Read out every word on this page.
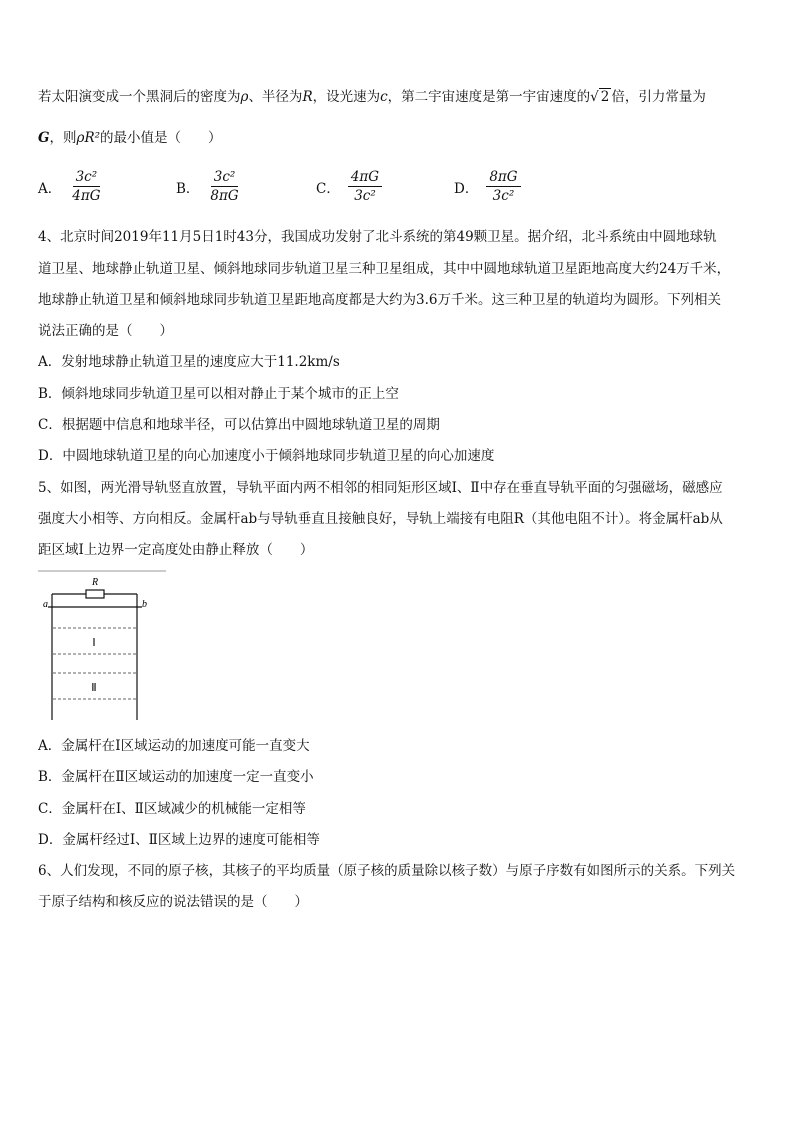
若太阳演变成一个黑洞后的密度为ρ、半径为R，设光速为c，第二宇宙速度是第一宇宙速度的√ 2 倍，引力常量为
G，则ρR²的最小值是（　　）
A． $\frac{\text{3c²}}{4\pi G}$	B． $\frac{\text{3c²}}{8\pi G}$	C． $\frac{4\pi G}{\text{3c²}}$	D． $\frac{8\pi G}{\text{3c²}}$
4、北京时间2019年11月5日1时43分，我国成功发射了北斗系统的第49颗卫星。据介绍，北斗系统由中圆地球轨
道卫星、地球静止轨道卫星、倾斜地球同步轨道卫星三种卫星组成，其中中圆地球轨道卫星距地高度大约24万千米，
地球静止轨道卫星和倾斜地球同步轨道卫星距地高度都是大约为3.6万千米。这三种卫星的轨道均为圆形。下列相关
说法正确的是（　　）
A．发射地球静止轨道卫星的速度应大于11.2km/s
B．倾斜地球同步轨道卫星可以相对静止于某个城市的正上空
C．根据题中信息和地球半径，可以估算出中圆地球轨道卫星的周期
D．中圆地球轨道卫星的向心加速度小于倾斜地球同步轨道卫星的向心加速度
5、如图，两光滑导轨竖直放置，导轨平面内两不相邻的相同矩形区域Ⅰ、Ⅱ中存在垂直导轨平面的匀强磁场，磁感应
强度大小相等、方向相反。金属杆ab与导轨垂直且接触良好，导轨上端接有电阻R（其他电阻不计）。将金属杆ab从
距区域Ⅰ上边界一定高度处由静止释放（　　）
R
a	b
Ⅰ
Ⅱ
A．金属杆在Ⅰ区域运动的加速度可能一直变大
B．金属杆在Ⅱ区域运动的加速度一定一直变小
C．金属杆在Ⅰ、Ⅱ区域减少的机械能一定相等
D．金属杆经过Ⅰ、Ⅱ区域上边界的速度可能相等
6、人们发现，不同的原子核，其核子的平均质量（原子核的质量除以核子数）与原子序数有如图所示的关系。下列关
于原子结构和核反应的说法错误的是（　　）
